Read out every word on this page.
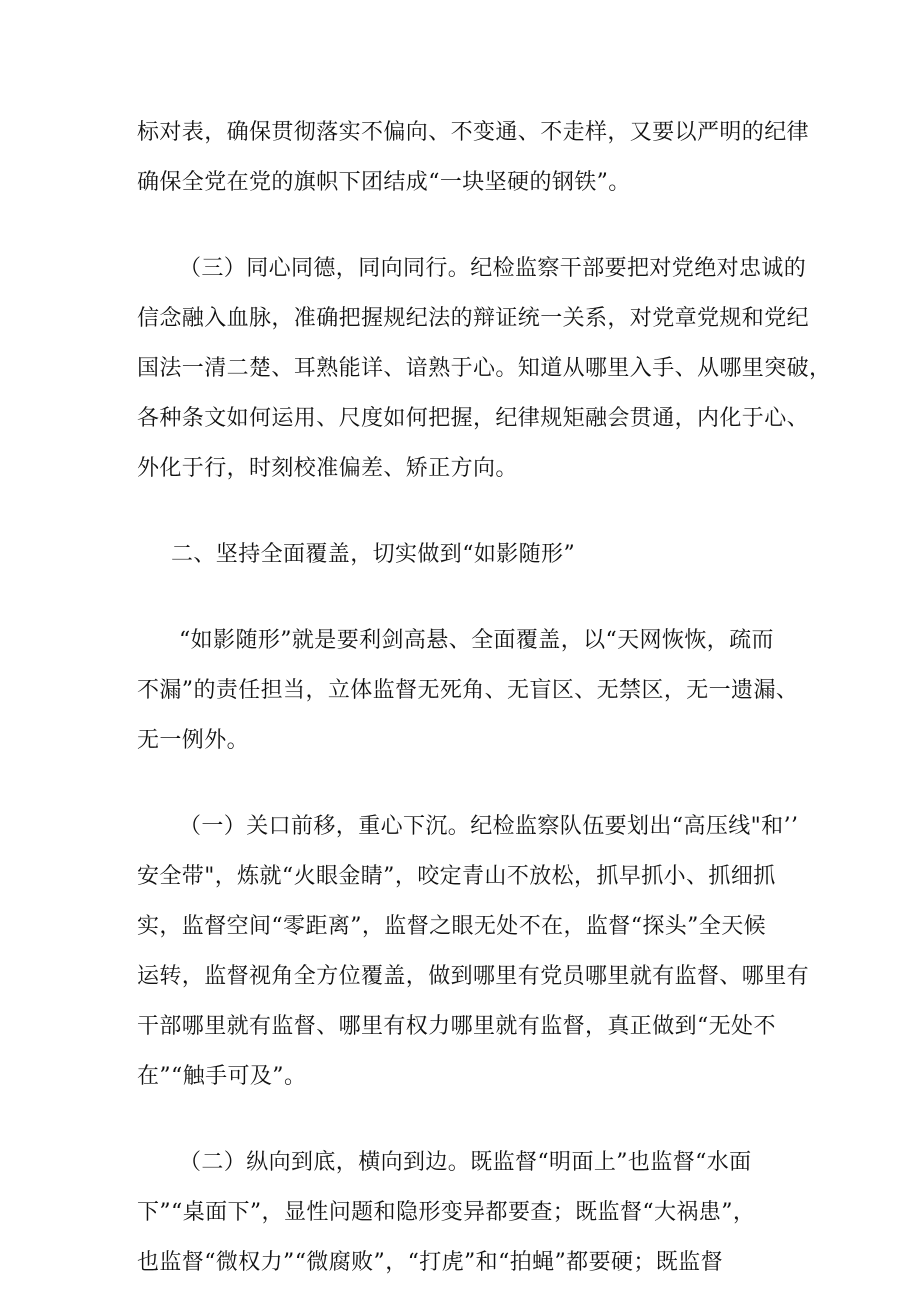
标对表，确保贯彻落实不偏向、不变通、不走样，又要以严明的纪律
确保全党在党的旗帜下团结成“一块坚硬的钢铁”。
（三）同心同德，同向同行。纪检监察干部要把对党绝对忠诚的
信念融入血脉，准确把握规纪法的辩证统一关系，对党章党规和党纪
国法一清二楚、耳熟能详、谙熟于心。知道从哪里入手、从哪里突破，
各种条文如何运用、尺度如何把握，纪律规矩融会贯通，内化于心、
外化于行，时刻校准偏差、矫正方向。
二、坚持全面覆盖，切实做到“如影随形”
“如影随形”就是要利剑高悬、全面覆盖，以“天网恢恢，疏而
不漏”的责任担当，立体监督无死角、无盲区、无禁区，无一遗漏、
无一例外。
（一）关口前移，重心下沉。纪检监察队伍要划出“高压线"和’’
安全带"，炼就“火眼金睛”，咬定青山不放松，抓早抓小、抓细抓
实，监督空间“零距离”，监督之眼无处不在，监督“探头”全天候
运转，监督视角全方位覆盖，做到哪里有党员哪里就有监督、哪里有
干部哪里就有监督、哪里有权力哪里就有监督，真正做到“无处不
在”“触手可及”。
（二）纵向到底，横向到边。既监督“明面上”也监督“水面
下”“桌面下”，显性问题和隐形变异都要查；既监督“大祸患”，
也监督“微权力”“微腐败”，“打虎”和“拍蝇”都要硬；既监督
